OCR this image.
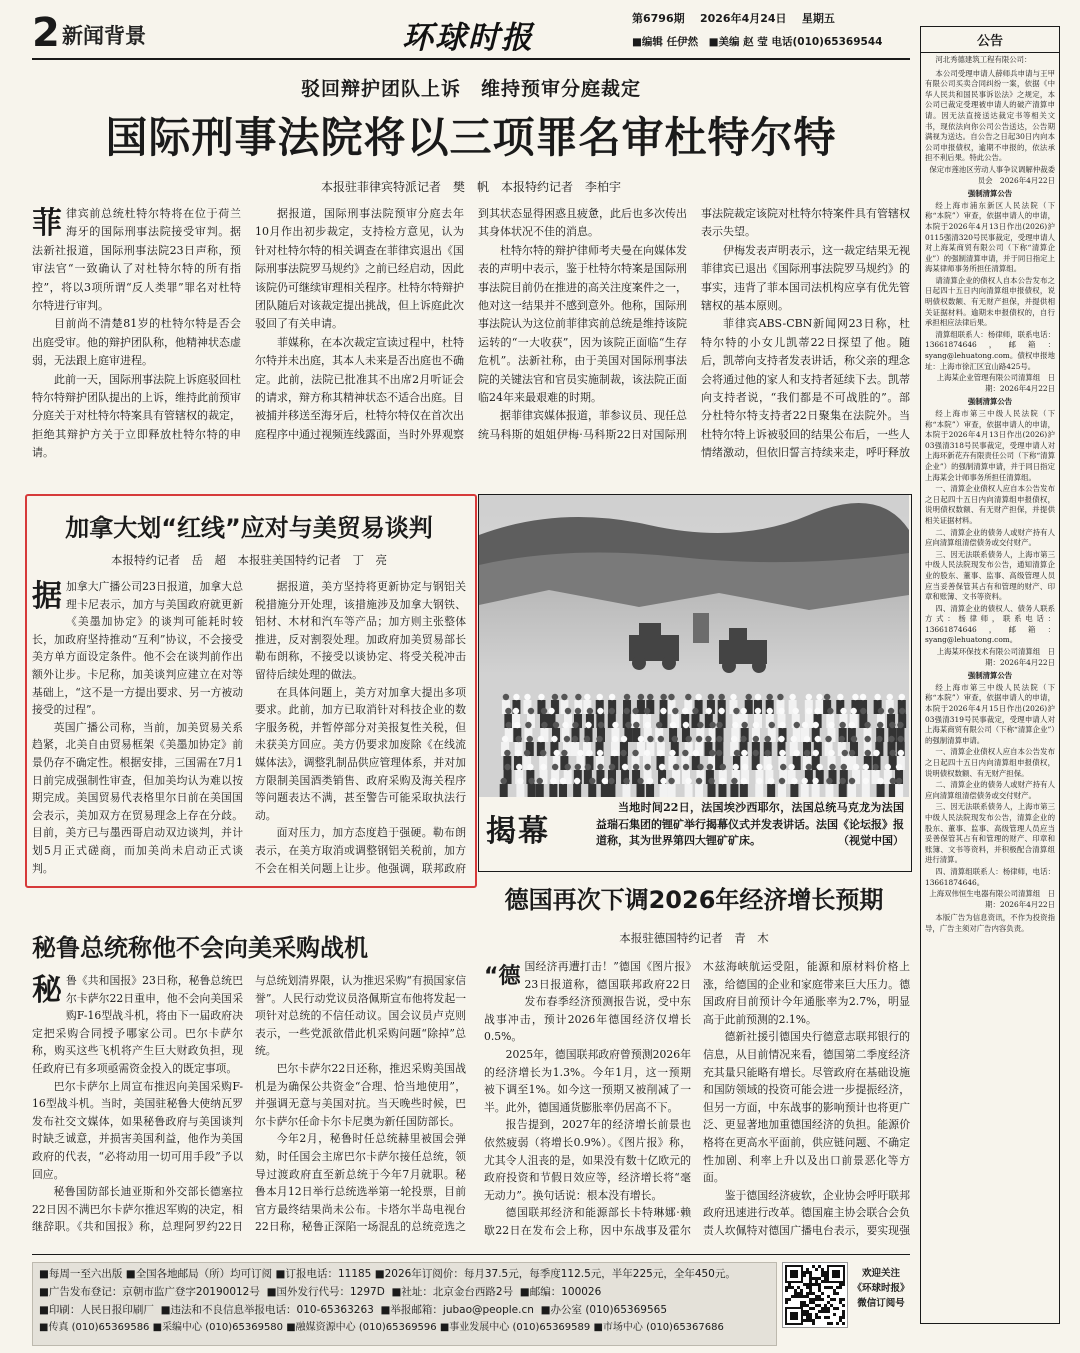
2 新闻背景	环球时报
第6796期 2026年4月24日 星期五
■编辑 任伊然　■美编 赵 莹 电话(010)65369544	公告

河北秀德建筑工程有限公司：

本公司受理申请人薛师兵申请与王甲有限公司买卖合同纠纷一案，依据《中华人民共和国民事诉讼法》之规定，本公司已裁定受理被申请人的破产清算申请。因无法直接送达裁定书等相关文书，现依法向你公司公告送达，公告期满视为送达。自公告之日起30日内向本公司申报债权，逾期不申报的，依法承担不利后果。特此公告。

保定市莲池区劳动人事争议调解仲裁委员会　2026年4月22日

强制清算公告

经上海市浦东新区人民法院（下称“本院”）审查，依据申请人的申请，本院于2026年4月13日作出(2026)沪0115强清320号民事裁定，受理申请人对上海某商贸有限公司（下称“清算企业”）的强制清算申请，并于同日指定上海某律师事务所担任清算组。

请清算企业的债权人自本公告发布之日起四十五日内向清算组申报债权，说明债权数额、有无财产担保，并提供相关证据材料。逾期未申报债权的，自行承担相应法律后果。

清算组联系人：杨律师，联系电话：13661874646，邮箱：syang@lehuatong.com。债权申报地址：上海市徐汇区宜山路425号。

上海某企业管理有限公司清算组　日期：2026年4月22日

强制清算公告

经上海市第三中级人民法院（下称“本院”）审查，依据申请人的申请，本院于2026年4月13日作出(2026)沪03强清318号民事裁定，受理申请人对上海环新花卉有限责任公司（下称“清算企业”）的强制清算申请，并于同日指定上海某会计师事务所担任清算组。

一、清算企业债权人应自本公告发布之日起四十五日内向清算组申报债权，说明债权数额、有无财产担保，并提供相关证据材料。

二、清算企业的债务人或财产持有人应向清算组清偿债务或交付财产。

三、因无法联系债务人，上海市第三中级人民法院现发布公告，通知清算企业的股东、董事、监事、高级管理人员应当妥善保管其占有和管理的财产、印章和账簿、文书等资料。

四、清算企业的债权人、债务人联系方式：杨律师，联系电话：13661874646，邮箱：syang@lehuatong.com。

上海某环保技术有限公司清算组　日期：2026年4月22日

强制清算公告

经上海市第三中级人民法院（下称“本院”）审查，依据申请人的申请，本院于2026年4月15日作出(2026)沪03强清319号民事裁定，受理申请人对上海某商贸有限公司（下称“清算企业”）的强制清算申请。

一、清算企业债权人应自本公告发布之日起四十五日内向清算组申报债权，说明债权数额、有无财产担保。

二、清算企业的债务人或财产持有人应向清算组清偿债务或交付财产。

三、因无法联系债务人，上海市第三中级人民法院现发布公告，清算企业的股东、董事、监事、高级管理人员应当妥善保管其占有和管理的财产、印章和账簿、文书等资料，并积极配合清算组进行清算。

四、清算组联系人：杨律师，电话：13661874646。

上海双伟恒生电器有限公司清算组　日期：2026年4月22日

本版广告为信息资讯，不作为投资指导，广告主须对广告内容负责。

驳回辩护团队上诉　维持预审分庭裁定
国际刑事法院将以三项罪名审杜特尔特
本报驻菲律宾特派记者　樊　帆　本报特约记者　李柏宇
菲 律宾前总统杜特尔特将在位于荷兰海牙的国际刑事法院接受审判。据法新社报道，国际刑事法院23日声称，预审法官“一致确认了对杜特尔特的所有指控”，将以3项所谓“反人类罪”罪名对杜特尔特进行审判。

目前尚不清楚81岁的杜特尔特是否会出庭受审。他的辩护团队称，他精神状态虚弱，无法跟上庭审进程。

此前一天，国际刑事法院上诉庭驳回杜特尔特辩护团队提出的上诉，维持此前预审分庭关于对杜特尔特案具有管辖权的裁定，拒绝其辩护方关于立即释放杜特尔特的申请。

据报道，国际刑事法院预审分庭去年10月作出初步裁定，支持检方意见，认为针对杜特尔特的相关调查在菲律宾退出《国际刑事法院罗马规约》之前已经启动，因此该院仍可继续审理相关程序。杜特尔特辩护团队随后对该裁定提出挑战，但上诉庭此次驳回了有关申请。

菲媒称，在本次裁定宣读过程中，杜特尔特并未出庭，其本人未来是否出庭也不确定。此前，法院已批准其不出席2月听证会的请求，辩方称其精神状态不适合出庭。目被捕并移送至海牙后，杜特尔特仅在首次出庭程序中通过视频连线露面，当时外界观察到其状态显得困惑且疲惫，此后也多次传出其身体状况不佳的消息。

杜特尔特的辩护律师考夫曼在向媒体发表的声明中表示，鉴于杜特尔特案是国际刑事法院目前仍在推进的高关注度案件之一，他对这一结果并不感到意外。他称，国际刑事法院认为这位前菲律宾前总统是维持该院运转的“一大收获”，因为该院正面临“生存危机”。法新社称，由于美国对国际刑事法院的关键法官和官员实施制裁，该法院正面临24年来最艰难的时期。

据菲律宾媒体报道，菲参议员、现任总统马科斯的姐姐伊梅·马科斯22日对国际刑事法院裁定该院对杜特尔特案件具有管辖权表示失望。

伊梅发表声明表示，这一裁定结果无视菲律宾已退出《国际刑事法院罗马规约》的事实，违背了菲本国司法机构应享有优先管辖权的基本原则。

菲律宾ABS-CBN新闻网23日称，杜特尔特的小女儿凯蒂22日探望了他。随后，凯蒂向支持者发表讲话，称父亲的理念会将通过他的家人和支持者延续下去。凯蒂向支持者说，“我们都是不可战胜的”。部分杜特尔特支持者22日聚集在法院外。当杜特尔特上诉被驳回的结果公布后，一些人情绪激动，但依旧誓言持续来走，呼吁释放

加拿大划“红线”应对与美贸易谈判
本报特约记者　岳　超　本报驻美国特约记者　丁　亮
据 加拿大广播公司23日报道，加拿大总理卡尼表示，加方与美国政府就更新《美墨加协定》的谈判可能耗时较长，加政府坚持推动“互利”协议，不会接受美方单方面设定条件。他不会在谈判前作出额外让步。卡尼称，加美谈判应建立在对等基础上，“这不是一方提出要求、另一方被动接受的过程”。

英国广播公司称，当前，加美贸易关系趋紧，北美自由贸易框架《美墨加协定》前景仍存不确定性。根据安排，三国需在7月1日前完成强制性审查，但加美均认为难以按期完成。美国贸易代表格里尔日前在美国国会表示，美加双方在贸易理念上存在分歧。目前，美方已与墨西哥启动双边谈判，并计划5月正式磋商，而加美尚未启动正式谈判。

据报道，美方坚持将更新协定与钢铝关税措施分开处理，该措施涉及加拿大钢铁、铝材、木材和汽车等产品；加方则主张整体推进，反对割裂处理。加政府加美贸易部长勒布朗称，不接受以谈协定、将受关税冲击留待后续处理的做法。

在具体问题上，美方对加拿大提出多项要求。此前，加方已取消针对科技企业的数字服务税，并暂停部分对美报复性关税，但未获美方回应。美方仍要求加废除《在线流媒体法》，调整乳制品供应管理体系，并对加方限制美国酒类销售、政府采购及海关程序等问题表达不满，甚至警告可能采取执法行动。

面对压力，加方态度趋于强硬。勒布朗表示，在美方取消或调整钢铝关税前，加方不会在相关问题上让步。他强调，联邦政府

揭幕
当地时间22日，法国埃沙西耶尔，法国总统马克龙为法国益瑞石集团的锂矿举行揭幕仪式并发表讲话。法国《论坛报》报道称，其为世界第四大锂矿矿床。	（视觉中国）
德国再次下调2026年经济增长预期
本报驻德国特约记者　青　木
“德 国经济再遭打击！”德国《图片报》23日报道称，德国联邦政府22日发布春季经济预测报告说，受中东战事冲击，预计2026年德国经济仅增长0.5%。

2025年，德国联邦政府曾预测2026年的经济增长为1.3%。今年1月，这一预期被下调至1%。如今这一预期又被削减了一半。此外，德国通货膨胀率仍居高不下。

报告提到，2027年的经济增长前景也依然疲弱（将增长0.9%）。《图片报》称，尤其令人沮丧的是，如果没有数十亿欧元的政府投资和节假日效应等，经济增长将“毫无动力”。换句话说：根本没有增长。

德国联邦经济和能源部长卡特琳娜·赖歇22日在发布会上称，因中东战事及霍尔木兹海峡航运受阻，能源和原材料价格上涨，给德国的企业和家庭带来巨大压力。德国政府目前预计今年通胀率为2.7%，明显高于此前预测的2.1%。

德新社援引德国央行德意志联邦银行的信息，从目前情况来看，德国第二季度经济充其量只能略有增长。尽管政府在基础设施和国防领域的投资可能会进一步提振经济，但另一方面，中东战事的影响预计也将更广泛、更显著地加重德国经济的负担。能源价格将在更高水平面前，供应链问题、不确定性加剧、利率上升以及出口前景恶化等方面。

鉴于德国经济疲软，企业协会呼吁联邦政府迅速进行改革。德国雇主协会联合会负责人坎佩特对德国广播电台表示，要实现强

秘鲁总统称他不会向美采购战机
秘 鲁《共和国报》23日称，秘鲁总统巴尔卡萨尔22日重申，他不会向美国采购F-16型战斗机，将由下一届政府决定把采购合同授予哪家公司。巴尔卡萨尔称，购买这些飞机将产生巨大财政负担，现任政府已有多项亟需资金投入的既定事项。

巴尔卡萨尔上周宣布推迟向美国采购F-16型战斗机。当时，美国驻秘鲁大使纳瓦罗发布社交文媒体，如果秘鲁政府与美国谈判时缺乏诚意，并损害美国利益，他作为美国政府的代表，“必将动用一切可用手段”予以回应。

秘鲁国防部长迪亚斯和外交部长德塞拉22日因不满巴尔卡萨尔推迟军购的决定，相继辞职。《共和国报》称，总理阿罗约22日与总统划清界限，认为推迟采购“有损国家信誉”。人民行动党议员洛佩斯宣布他将发起一项针对总统的不信任动议。国会议员卢克则表示，一些党派欲借此机采购问题“除掉”总统。

巴尔卡萨尔22日还称，推迟采购美国战机是为确保公共资金“合理、恰当地使用”，并强调无意与美国对抗。当天晚些时候，巴尔卡萨尔任命卡尔卡尼奥为新任国防部长。

今年2月，秘鲁时任总统赫里被国会弹劾，时任国会主席巴尔卡萨尔接任总统，领导过渡政府直至新总统于今年7月就职。秘鲁本月12日举行总统选举第一轮投票，目前官方最终结果尚未公布。卡塔尔半岛电视台22日称，秘鲁正深陷一场混乱的总统竞选之　

■每周一至六出版 ■全国各地邮局（所）均可订阅 ■订报电话：11185 ■2026年订阅价：每月37.5元，每季度112.5元，半年225元，全年450元。
■广告发布登记：京朝市监广登字20190012号 ■国外发行代号：1297D ■社址：北京金台西路2号 ■邮编：100026
■印刷：人民日报印刷厂 ■违法和不良信息举报电话：010-65363263 ■举报邮箱：jubao@people.cn ■办公室 (010)65369565
■传真 (010)65369586 ■采编中心 (010)65369580 ■融媒资源中心 (010)65369596 ■事业发展中心 (010)65369589 ■市场中心 (010)65367686
欢迎关注
《环球时报》
微信订阅号
